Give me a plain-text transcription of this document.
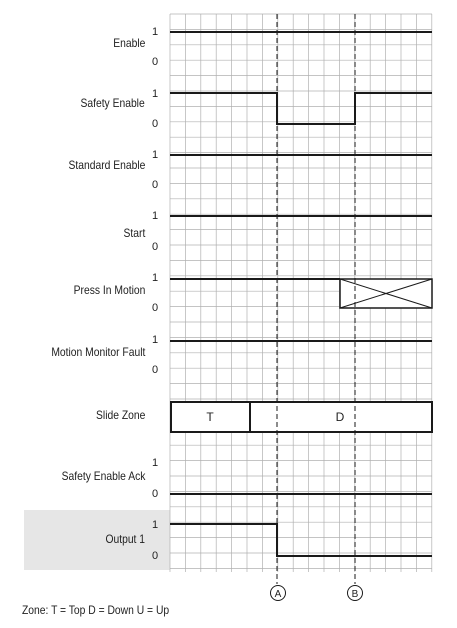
T	D
A	B
Enable
1
0
Safety Enable
1
0
Standard Enable
1
0
Start
1
0
Press In Motion
1
0
Motion Monitor Fault
1
0
Slide Zone
Safety Enable Ack
1
0
Output 1
1
0
Zone: T = Top D = Down U = Up
